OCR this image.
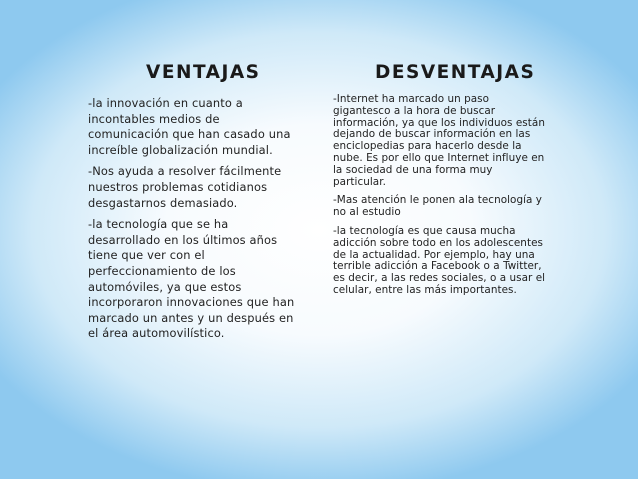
VENTAJAS

-la innovación en cuanto a incontables medios de comunicación que han casado una increíble globalización mundial.

-Nos ayuda a resolver fácilmente nuestros problemas cotidianos desgastarnos demasiado.

-la tecnología que se ha desarrollado en los últimos años tiene que ver con el perfeccionamiento de los automóviles, ya que estos incorporaron innovaciones que han marcado un antes y un después en el área automovilístico.

DESVENTAJAS

-Internet ha marcado un paso gigantesco a la hora de buscar información, ya que los individuos están dejando de buscar información en las enciclopedias para hacerlo desde la nube. Es por ello que Internet influye en la sociedad de una forma muy particular.

-Mas atención le ponen ala tecnología y no al estudio

-la tecnología es que causa mucha adicción sobre todo en los adolescentes de la actualidad. Por ejemplo, hay una terrible adicción a Facebook o a Twitter, es decir, a las redes sociales, o a usar el celular, entre las más importantes.
